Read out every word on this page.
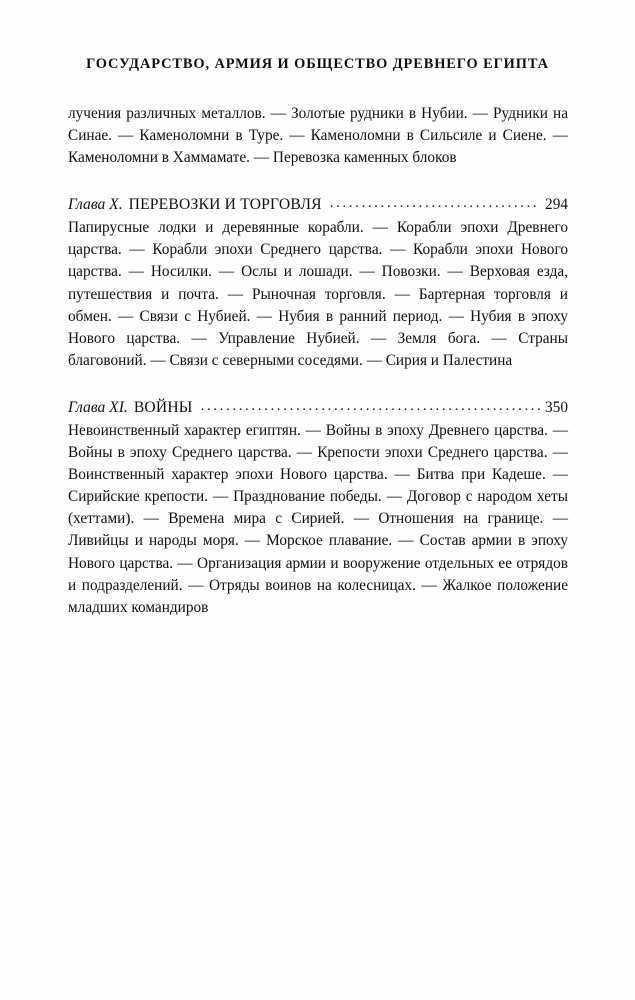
ГОСУДАРСТВО, АРМИЯ И ОБЩЕСТВО ДРЕВНЕГО ЕГИПТА

лучения различных металлов. — Золотые рудники в Нубии. — Рудники на Синае. — Каменоломни в Туре. — Каменоломни в Сильсиле и Сиене. — Каменоломни в Хаммамате. — Перевозка каменных блоков

Глава X. ПЕРЕВОЗКИ И ТОРГОВЛЯ .....	294

Папирусные лодки и деревянные корабли. — Корабли эпохи Древнего царства. — Корабли эпохи Среднего царства. — Корабли эпохи Нового царства. — Носилки. — Ослы и лошади. — Повозки. — Верховая езда, путешествия и почта. — Рыночная торговля. — Бартерная торговля и обмен. — Связи с Нубией. — Нубия в ранний период. — Нубия в эпоху Нового царства. — Управление Нубией. — Земля бога. — Страны благовоний. — Связи с северными соседями. — Сирия и Палестина

Глава XI. ВОЙНЫ .....	350

Невоинственный характер египтян. — Войны в эпоху Древнего царства. — Войны в эпоху Среднего царства. — Крепости эпохи Среднего царства. — Воинственный характер эпохи Нового царства. — Битва при Кадеше. — Сирийские крепости. — Празднование победы. — Договор с народом хеты (хеттами). — Времена мира с Сирией. — Отношения на границе. — Ливийцы и народы моря. — Морское плавание. — Состав армии в эпоху Нового царства. — Организация армии и вооружение отдельных ее отрядов и подразделений. — Отряды воинов на колесницах. — Жалкое положение младших командиров
